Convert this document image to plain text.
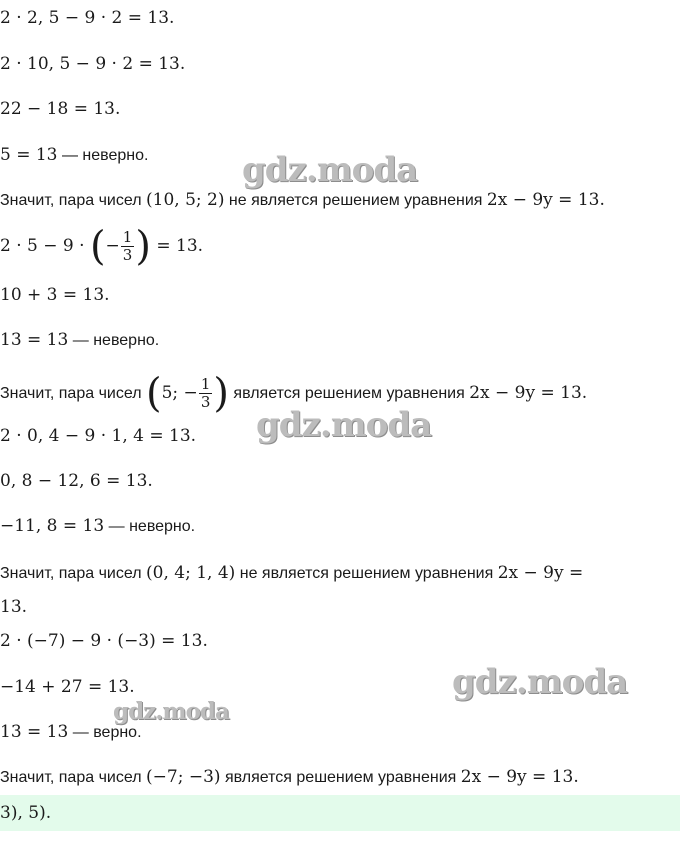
2 · 2, 5 − 9 · 2 = 13.
2 · 10, 5 − 9 · 2 = 13.
22 − 18 = 13.
5 = 13 — неверно.
Значит, пара чисел (10, 5; 2) не является решением уравнения 2x − 9y = 13.
2 · 5 − 9 · (− $\frac{1}{3}$ ) = 13.
10 + 3 = 13.
13 = 13 — неверно.
Значит, пара чисел (5; − $\frac{1}{3}$ ) является решением уравнения 2x − 9y = 13.
2 · 0, 4 − 9 · 1, 4 = 13.
0, 8 − 12, 6 = 13.
−11, 8 = 13 — неверно.
Значит, пара чисел (0, 4; 1, 4) не является решением уравнения 2x − 9y =
13.
2 · (−7) − 9 · (−3) = 13.
−14 + 27 = 13.
13 = 13 — верно.
Значит, пара чисел (−7; −3) является решением уравнения 2x − 9y = 13.
3), 5).
gdz.moda
gdz.moda
gdz.moda
gdz.moda
